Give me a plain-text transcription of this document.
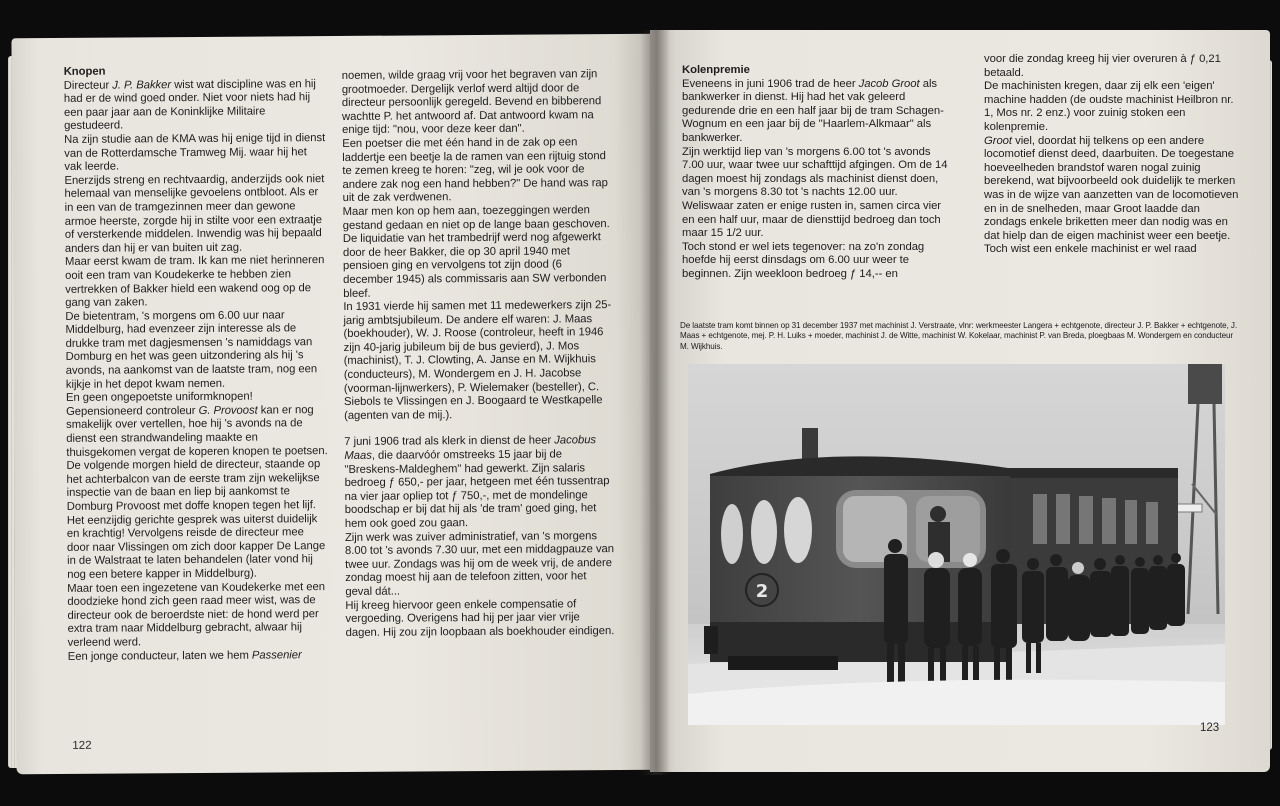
Knopen

Directeur J. P. Bakker wist wat discipline was en hij had er de wind goed onder. Niet voor niets had hij een paar jaar aan de Koninklijke Militaire gestudeerd.

Na zijn studie aan de KMA was hij enige tijd in dienst van de Rotterdamsche Tramweg Mij. waar hij het vak leerde.

Enerzijds streng en rechtvaardig, anderzijds ook niet helemaal van menselijke gevoelens ontbloot. Als er in een van de tramgezinnen meer dan gewone armoe heerste, zorgde hij in stilte voor een extraatje of versterkende middelen. Inwendig was hij bepaald anders dan hij er van buiten uit zag.

Maar eerst kwam de tram. Ik kan me niet herinneren ooit een tram van Koudekerke te hebben zien vertrekken of Bakker hield een wakend oog op de gang van zaken.

De bietentram, 's morgens om 6.00 uur naar Middelburg, had evenzeer zijn interesse als de drukke tram met dagjesmensen 's namiddags van Domburg en het was geen uitzondering als hij 's avonds, na aankomst van de laatste tram, nog een kijkje in het depot kwam nemen.

En geen ongepoetste uniformknopen! Gepensioneerd controleur G. Provoost kan er nog smakelijk over vertellen, hoe hij 's avonds na de dienst een strandwandeling maakte en thuisgekomen vergat de koperen knopen te poetsen. De volgende morgen hield de directeur, staande op het achterbalcon van de eerste tram zijn wekelijkse inspectie van de baan en liep bij aankomst te Domburg Provoost met doffe knopen tegen het lijf. Het eenzijdig gerichte gesprek was uiterst duidelijk en krachtig! Vervolgens reisde de directeur mee door naar Vlissingen om zich door kapper De Lange in de Walstraat te laten behandelen (later vond hij nog een betere kapper in Middelburg).

Maar toen een ingezetene van Koudekerke met een doodzieke hond zich geen raad meer wist, was de directeur ook de beroerdste niet: de hond werd per extra tram naar Middelburg gebracht, alwaar hij verleend werd.

Een jonge conducteur, laten we hem Passenier

noemen, wilde graag vrij voor het begraven van zijn grootmoeder. Dergelijk verlof werd altijd door de directeur persoonlijk geregeld. Bevend en bibberend wachtte P. het antwoord af. Dat antwoord kwam na enige tijd: "nou, voor deze keer dan".

Een poetser die met één hand in de zak op een laddertje een beetje la de ramen van een rijtuig stond te zemen kreeg te horen: "zeg, wil je ook voor de andere zak nog een hand hebben?" De hand was rap uit de zak verdwenen.

Maar men kon op hem aan, toezeggingen werden gestand gedaan en niet op de lange baan geschoven.

De liquidatie van het trambedrijf werd nog afgewerkt door de heer Bakker, die op 30 april 1940 met pensioen ging en vervolgens tot zijn dood (6 december 1945) als commissaris aan SW verbonden bleef.

In 1931 vierde hij samen met 11 medewerkers zijn 25-jarig ambtsjubileum. De andere elf waren: J. Maas (boekhouder), W. J. Roose (controleur, heeft in 1946 zijn 40-jarig jubileum bij de bus gevierd), J. Mos (machinist), T. J. Clowting, A. Janse en M. Wijkhuis (conducteurs), M. Wondergem en J. H. Jacobse (voorman-lijnwerkers), P. Wielemaker (besteller), C. Siebols te Vlissingen en J. Boogaard te Westkapelle (agenten van de mij.).

7 juni 1906 trad als klerk in dienst de heer Jacobus Maas, die daarvóór omstreeks 15 jaar bij de "Breskens-Maldeghem" had gewerkt. Zijn salaris bedroeg ƒ 650,- per jaar, hetgeen met één tussentrap na vier jaar opliep tot ƒ 750,-, met de mondelinge boodschap er bij dat hij als 'de tram' goed ging, het hem ook goed zou gaan.

Zijn werk was zuiver administratief, van 's morgens 8.00 tot 's avonds 7.30 uur, met een middagpauze van twee uur. Zondags was hij om de week vrij, de andere zondag moest hij aan de telefoon zitten, voor het geval dát...

Hij kreeg hiervoor geen enkele compensatie of vergoeding. Overigens had hij per jaar vier vrije dagen. Hij zou zijn loopbaan als boekhouder eindigen.

122
Kolenpremie

Eveneens in juni 1906 trad de heer Jacob Groot als bankwerker in dienst. Hij had het vak geleerd gedurende drie en een half jaar bij de tram Schagen-Wognum en een jaar bij de "Haarlem-Alkmaar" als bankwerker.

Zijn werktijd liep van 's morgens 6.00 tot 's avonds 7.00 uur, waar twee uur schafttijd afgingen. Om de 14 dagen moest hij zondags als machinist dienst doen, van 's morgens 8.30 tot 's nachts 12.00 uur. Weliswaar zaten er enige rusten in, samen circa vier en een half uur, maar de diensttijd bedroeg dan toch maar 15 1/2 uur.

Toch stond er wel iets tegenover: na zo'n zondag hoefde hij eerst dinsdags om 6.00 uur weer te beginnen. Zijn weekloon bedroeg ƒ 14,-- en

voor die zondag kreeg hij vier overuren à ƒ 0,21 betaald.

De machinisten kregen, daar zij elk een 'eigen' machine hadden (de oudste machinist Heilbron nr. 1, Mos nr. 2 enz.) voor zuinig stoken een kolenpremie.

Groot viel, doordat hij telkens op een andere locomotief dienst deed, daarbuiten. De toegestane hoeveelheden brandstof waren nogal zuinig berekend, wat bijvoorbeeld ook duidelijk te merken was in de wijze van aanzetten van de locomotieven en in de snelheden, maar Groot laadde dan zondags enkele briketten meer dan nodig was en dat hielp dan de eigen machinist weer een beetje.

Toch wist een enkele machinist er wel raad

De laatste tram komt binnen op 31 december 1937 met machinist J. Verstraate, vlnr: werkmeester Langera + echtgenote, directeur J. P. Bakker + echtgenote, J. Maas + echtgenote, mej. P. H. Luiks + moeder, machinist J. de Witte, machinist W. Kokelaar, machinist P. van Breda, ploegbaas M. Wondergem en conducteur M. Wijkhuis.
2
123
